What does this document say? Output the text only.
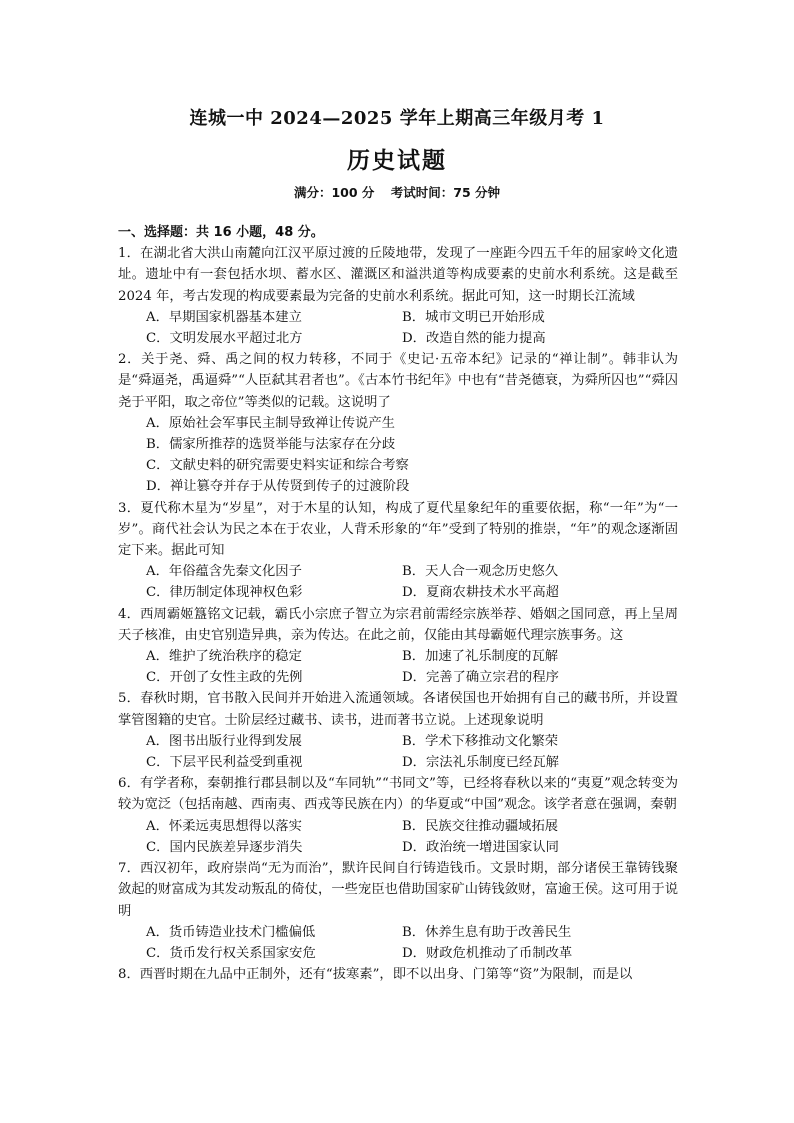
连城一中 2024—2025 学年上期高三年级月考 1
历史试题
满分：100 分 考试时间：75 分钟
一、选择题：共 16 小题，48 分。

1．在湖北省大洪山南麓向江汉平原过渡的丘陵地带，发现了一座距今四五千年的屈家岭文化遗址。遗址中有一套包括水坝、蓄水区、灌溉区和溢洪道等构成要素的史前水利系统。这是截至 2024 年，考古发现的构成要素最为完备的史前水利系统。据此可知，这一时期长江流域

A．早期国家机器基本建立	B．城市文明已开始形成
C．文明发展水平超过北方	D．改造自然的能力提高

2．关于尧、舜、禹之间的权力转移，不同于《史记·五帝本纪》记录的“禅让制”。韩非认为是“舜逼尧，禹逼舜”“人臣弑其君者也”。《古本竹书纪年》中也有“昔尧德衰，为舜所囚也”“舜囚尧于平阳，取之帝位”等类似的记载。这说明了

A．原始社会军事民主制导致禅让传说产生
B．儒家所推荐的选贤举能与法家存在分歧
C．文献史料的研究需要史料实证和综合考察
D．禅让篡夺并存于从传贤到传子的过渡阶段

3．夏代称木星为“岁星”，对于木星的认知，构成了夏代星象纪年的重要依据，称“一年”为“一岁”。商代社会认为民之本在于农业，人背禾形象的“年”受到了特别的推崇，“年”的观念逐渐固定下来。据此可知

A．年俗蕴含先秦文化因子	B．天人合一观念历史悠久
C．律历制定体现神权色彩	D．夏商农耕技术水平高超

4．西周霸姬簋铭文记载，霸氏小宗庶子智立为宗君前需经宗族举荐、婚姻之国同意，再上呈周天子核准，由史官别造异典，亲为传达。在此之前，仅能由其母霸姬代理宗族事务。这

A．维护了统治秩序的稳定	B．加速了礼乐制度的瓦解
C．开创了女性主政的先例	D．完善了确立宗君的程序

5．春秋时期，官书散入民间并开始进入流通领域。各诸侯国也开始拥有自己的藏书所，并设置掌管图籍的史官。士阶层经过藏书、读书，进而著书立说。上述现象说明

A．图书出版行业得到发展	B．学术下移推动文化繁荣
C．下层平民利益受到重视	D．宗法礼乐制度已经瓦解

6．有学者称，秦朝推行郡县制以及“车同轨”“书同文”等，已经将春秋以来的“夷夏”观念转变为较为宽泛（包括南越、西南夷、西戎等民族在内）的华夏或“中国”观念。该学者意在强调，秦朝

A．怀柔远夷思想得以落实	B．民族交往推动疆域拓展
C．国内民族差异逐步消失	D．政治统一增进国家认同

7．西汉初年，政府崇尚“无为而治”，默许民间自行铸造钱币。文景时期，部分诸侯王靠铸钱聚敛起的财富成为其发动叛乱的倚仗，一些宠臣也借助国家矿山铸钱敛财，富逾王侯。这可用于说明

A．货币铸造业技术门槛偏低	B．休养生息有助于改善民生
C．货币发行权关系国家安危	D．财政危机推动了币制改革

8．西晋时期在九品中正制外，还有“拔寒素”，即不以出身、门第等“资”为限制，而是以
